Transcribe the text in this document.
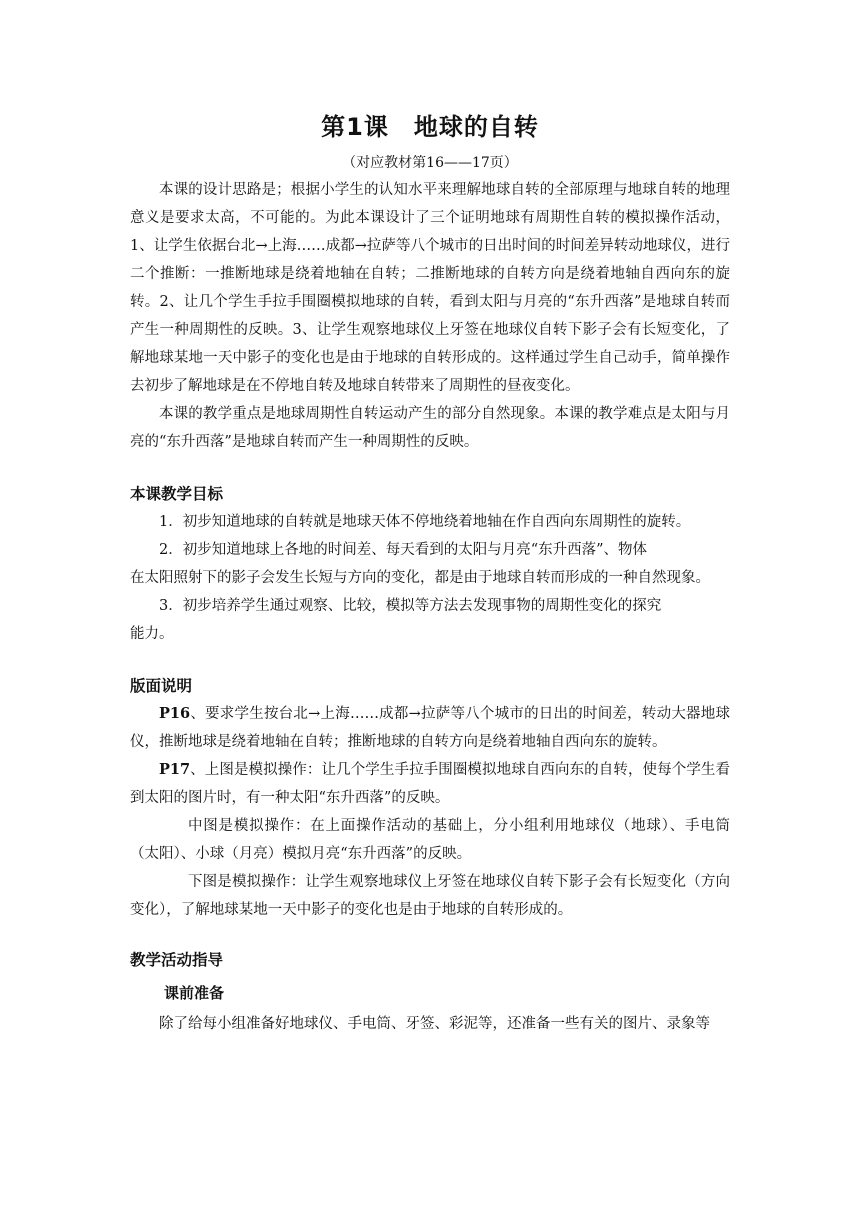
第1课　地球的自转
（对应教材第16——17页）

本课的设计思路是；根据小学生的认知水平来理解地球自转的全部原理与地球自转的地理意义是要求太高，不可能的。为此本课设计了三个证明地球有周期性自转的模拟操作活动，1、让学生依据台北→上海……成都→拉萨等八个城市的日出时间的时间差异转动地球仪，进行二个推断：一推断地球是绕着地轴在自转；二推断地球的自转方向是绕着地轴自西向东的旋转。2、让几个学生手拉手围圈模拟地球的自转，看到太阳与月亮的“东升西落”是地球自转而产生一种周期性的反映。3、让学生观察地球仪上牙签在地球仪自转下影子会有长短变化，了解地球某地一天中影子的变化也是由于地球的自转形成的。这样通过学生自己动手，简单操作去初步了解地球是在不停地自转及地球自转带来了周期性的昼夜变化。

本课的教学重点是地球周期性自转运动产生的部分自然现象。本课的教学难点是太阳与月亮的“东升西落”是地球自转而产生一种周期性的反映。

本课教学目标

1．初步知道地球的自转就是地球天体不停地绕着地轴在作自西向东周期性的旋转。

2．初步知道地球上各地的时间差、每天看到的太阳与月亮“东升西落”、物体

在太阳照射下的影子会发生长短与方向的变化，都是由于地球自转而形成的一种自然现象。

3．初步培养学生通过观察、比较，模拟等方法去发现事物的周期性变化的探究

能力。

版面说明

P16、要求学生按台北→上海……成都→拉萨等八个城市的日出的时间差，转动大器地球仪，推断地球是绕着地轴在自转；推断地球的自转方向是绕着地轴自西向东的旋转。

P17、上图是模拟操作：让几个学生手拉手围圈模拟地球自西向东的自转，使每个学生看到太阳的图片时，有一种太阳“东升西落”的反映。

中图是模拟操作：在上面操作活动的基础上，分小组利用地球仪（地球）、手电筒（太阳）、小球（月亮）模拟月亮“东升西落”的反映。

下图是模拟操作：让学生观察地球仪上牙签在地球仪自转下影子会有长短变化（方向变化），了解地球某地一天中影子的变化也是由于地球的自转形成的。

教学活动指导
课前准备

除了给每小组准备好地球仪、手电筒、牙签、彩泥等，还准备一些有关的图片、录象等
